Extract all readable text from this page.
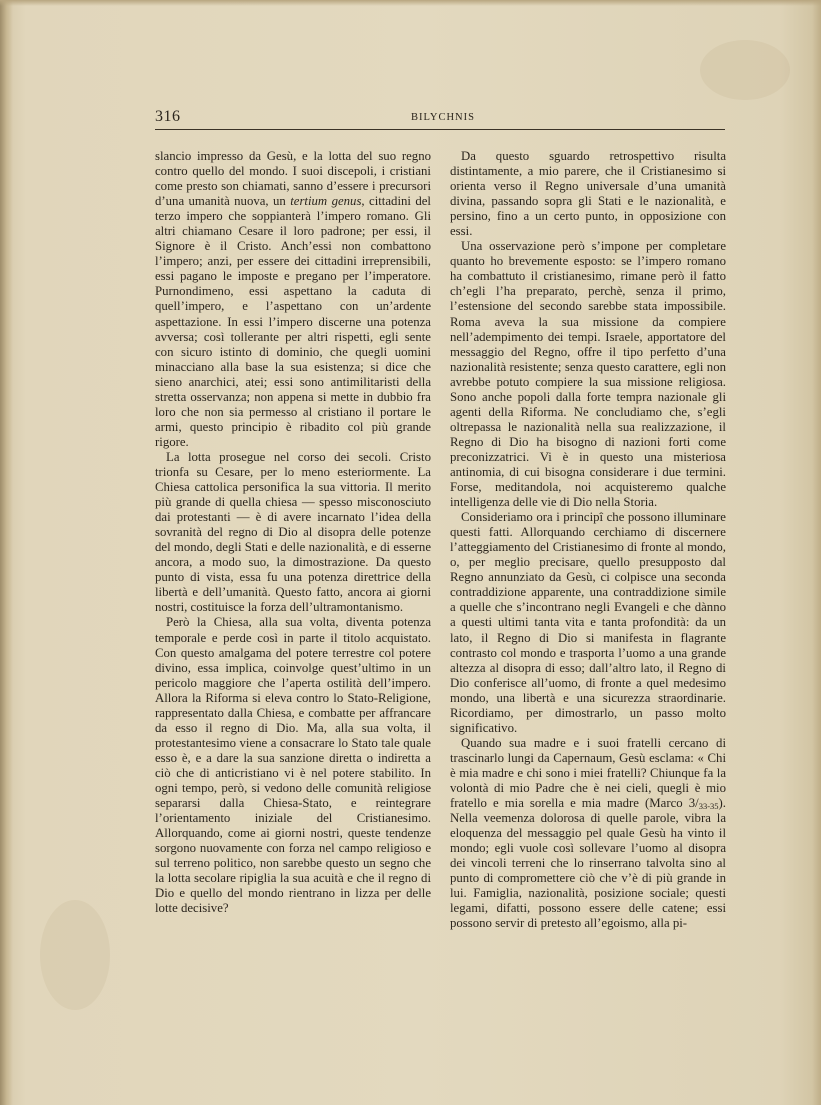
316	BILYCHNIS

slancio impresso da Gesù, e la lotta del suo regno contro quello del mondo. I suoi discepoli, i cristiani come presto son chiamati, sanno d’essere i precursori d’una umanità nuova, un tertium genus, cittadini del terzo impero che soppianterà l’impero romano. Gli altri chiamano Cesare il loro padrone; per essi, il Signore è il Cristo. Anch’essi non combattono l’impero; anzi, per essere dei cittadini irreprensibili, essi pagano le imposte e pregano per l’imperatore. Purnondimeno, essi aspettano la caduta di quell’impero, e l’aspettano con un’ardente aspettazione. In essi l’impero discerne una potenza avversa; così tollerante per altri rispetti, egli sente con sicuro istinto di dominio, che quegli uomini minacciano alla base la sua esistenza; si dice che sieno anarchici, atei; essi sono antimilitaristi della stretta osservanza; non appena si mette in dubbio fra loro che non sia permesso al cristiano il portare le armi, questo principio è ribadito col più grande rigore.

La lotta prosegue nel corso dei secoli. Cristo trionfa su Cesare, per lo meno esteriormente. La Chiesa cattolica personifica la sua vittoria. Il merito più grande di quella chiesa — spesso misconosciuto dai protestanti — è di avere incarnato l’idea della sovranità del regno di Dio al disopra delle potenze del mondo, degli Stati e delle nazionalità, e di esserne ancora, a modo suo, la dimostrazione. Da questo punto di vista, essa fu una potenza direttrice della libertà e dell’umanità. Questo fatto, ancora ai giorni nostri, costituisce la forza dell’ultramontanismo.

Però la Chiesa, alla sua volta, diventa potenza temporale e perde così in parte il titolo acquistato. Con questo amalgama del potere terrestre col potere divino, essa implica, coinvolge quest’ultimo in un pericolo maggiore che l’aperta ostilità dell’impero. Allora la Riforma si eleva contro lo Stato-Religione, rappresentato dalla Chiesa, e combatte per affrancare da esso il regno di Dio. Ma, alla sua volta, il protestantesimo viene a consacrare lo Stato tale quale esso è, e a dare la sua sanzione diretta o indiretta a ciò che di anticristiano vi è nel potere stabilito. In ogni tempo, però, si vedono delle comunità religiose separarsi dalla Chiesa-Stato, e reintegrare l’orientamento iniziale del Cristianesimo. Allorquando, come ai giorni nostri, queste tendenze sorgono nuovamente con forza nel campo religioso e sul terreno politico, non sarebbe questo un segno che la lotta secolare ripiglia la sua acuità e che il regno di Dio e quello del mondo rientrano in lizza per delle lotte decisive?

Da questo sguardo retrospettivo risulta distintamente, a mio parere, che il Cristianesimo si orienta verso il Regno universale d’una umanità divina, passando sopra gli Stati e le nazionalità, e persino, fino a un certo punto, in opposizione con essi.

Una osservazione però s’impone per completare quanto ho brevemente esposto: se l’impero romano ha combattuto il cristianesimo, rimane però il fatto ch’egli l’ha preparato, perchè, senza il primo, l’estensione del secondo sarebbe stata impossibile. Roma aveva la sua missione da compiere nell’adempimento dei tempi. Israele, apportatore del messaggio del Regno, offre il tipo perfetto d’una nazionalità resistente; senza questo carattere, egli non avrebbe potuto compiere la sua missione religiosa. Sono anche popoli dalla forte tempra nazionale gli agenti della Riforma. Ne concludiamo che, s’egli oltrepassa le nazionalità nella sua realizzazione, il Regno di Dio ha bisogno di nazioni forti come preconizzatrici. Vi è in questo una misteriosa antinomia, di cui bisogna considerare i due termini. Forse, meditandola, noi acquisteremo qualche intelligenza delle vie di Dio nella Storia.

Consideriamo ora i principî che possono illuminare questi fatti. Allorquando cerchiamo di discernere l’atteggiamento del Cristianesimo di fronte al mondo, o, per meglio precisare, quello presupposto dal Regno annunziato da Gesù, ci colpisce una seconda contraddizione apparente, una contraddizione simile a quelle che s’incontrano negli Evangeli e che dànno a questi ultimi tanta vita e tanta profondità: da un lato, il Regno di Dio si manifesta in flagrante contrasto col mondo e trasporta l’uomo a una grande altezza al disopra di esso; dall’altro lato, il Regno di Dio conferisce all’uomo, di fronte a quel medesimo mondo, una libertà e una sicurezza straordinarie. Ricordiamo, per dimostrarlo, un passo molto significativo.

Quando sua madre e i suoi fratelli cercano di trascinarlo lungi da Capernaum, Gesù esclama: « Chi è mia madre e chi sono i miei fratelli? Chiunque fa la volontà di mio Padre che è nei cieli, quegli è mio fratello e mia sorella e mia madre (Marco $3/_{33-35}$). Nella veemenza dolorosa di quelle parole, vibra la eloquenza del messaggio pel quale Gesù ha vinto il mondo; egli vuole così sollevare l’uomo al disopra dei vincoli terreni che lo rinserrano talvolta sino al punto di compromettere ciò che v’è di più grande in lui. Famiglia, nazionalità, posizione sociale; questi legami, difatti, possono essere delle catene; essi possono servir di pretesto all’egoismo, alla pi-
